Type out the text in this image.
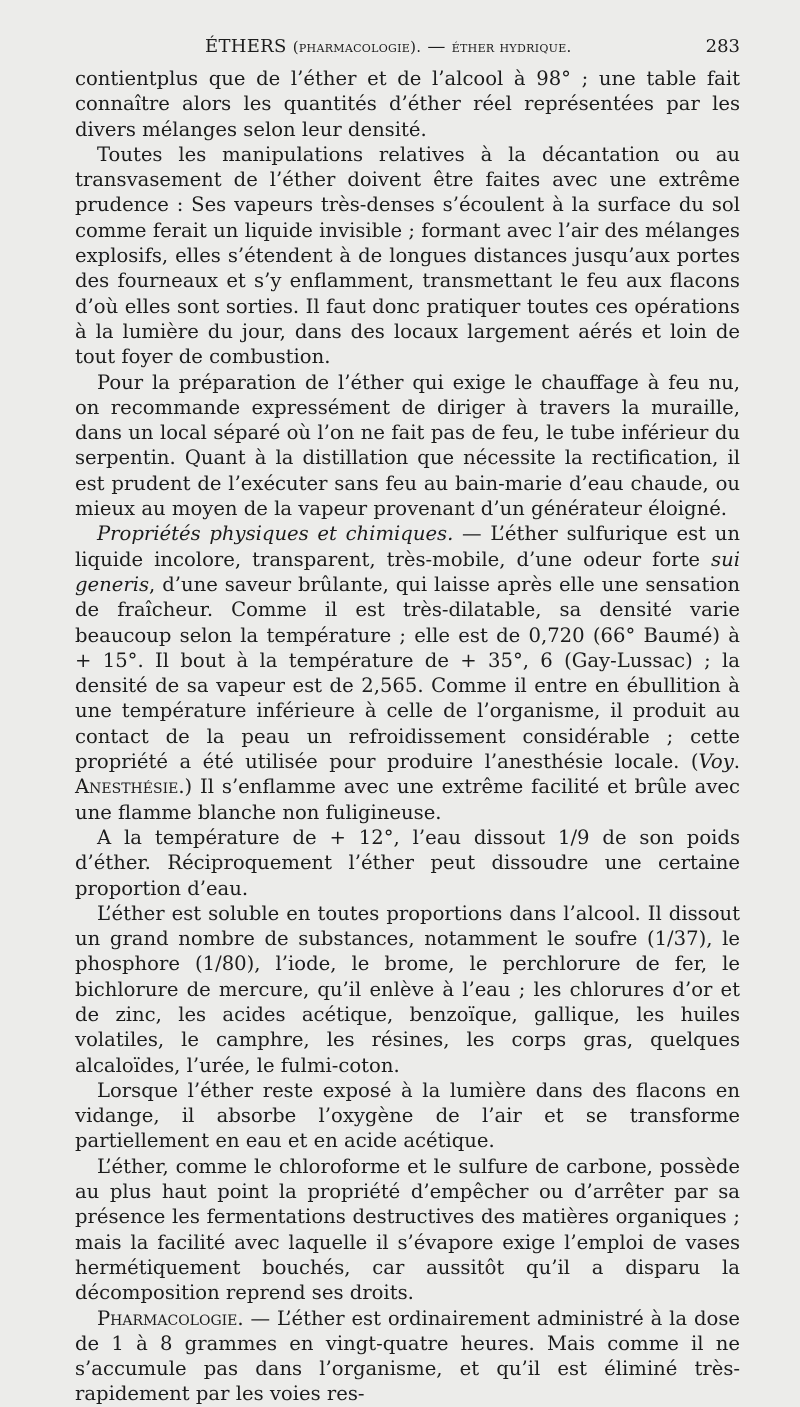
ÉTHERS (pharmacologie). — éther hydrique.	283

contientplus que de l’éther et de l’alcool à 98° ; une table fait connaître alors les quantités d’éther réel représentées par les divers mélanges selon leur densité.

Toutes les manipulations relatives à la décantation ou au transvasement de l’éther doivent être faites avec une extrême prudence : Ses vapeurs très-denses s’écoulent à la surface du sol comme ferait un liquide invisible ; formant avec l’air des mélanges explosifs, elles s’étendent à de longues distances jusqu’aux portes des fourneaux et s’y enflamment, transmettant le feu aux flacons d’où elles sont sorties. Il faut donc pratiquer toutes ces opérations à la lumière du jour, dans des locaux largement aérés et loin de tout foyer de combustion.

Pour la préparation de l’éther qui exige le chauffage à feu nu, on recommande expressément de diriger à travers la muraille, dans un local séparé où l’on ne fait pas de feu, le tube inférieur du serpentin. Quant à la distillation que nécessite la rectification, il est prudent de l’exécuter sans feu au bain-marie d’eau chaude, ou mieux au moyen de la vapeur provenant d’un générateur éloigné.

Propriétés physiques et chimiques. — L’éther sulfurique est un liquide incolore, transparent, très-mobile, d’une odeur forte sui generis, d’une saveur brûlante, qui laisse après elle une sensation de fraîcheur. Comme il est très-dilatable, sa densité varie beaucoup selon la température ; elle est de 0,720 (66° Baumé) à + 15°. Il bout à la température de + 35°, 6 (Gay-Lussac) ; la densité de sa vapeur est de 2,565. Comme il entre en ébullition à une température inférieure à celle de l’organisme, il produit au contact de la peau un refroidissement considérable ; cette propriété a été utilisée pour produire l’anesthésie locale. (Voy. Anesthésie.) Il s’enflamme avec une extrême facilité et brûle avec une flamme blanche non fuligineuse.

A la température de + 12°, l’eau dissout 1/9 de son poids d’éther. Réciproquement l’éther peut dissoudre une certaine proportion d’eau.

L’éther est soluble en toutes proportions dans l’alcool. Il dissout un grand nombre de substances, notamment le soufre (1/37), le phosphore (1/80), l’iode, le brome, le perchlorure de fer, le bichlorure de mercure, qu’il enlève à l’eau ; les chlorures d’or et de zinc, les acides acétique, benzoïque, gallique, les huiles volatiles, le camphre, les résines, les corps gras, quelques alcaloïdes, l’urée, le fulmi-coton.

Lorsque l’éther reste exposé à la lumière dans des flacons en vidange, il absorbe l’oxygène de l’air et se transforme partiellement en eau et en acide acétique.

L’éther, comme le chloroforme et le sulfure de carbone, possède au plus haut point la propriété d’empêcher ou d’arrêter par sa présence les fermentations destructives des matières organiques ; mais la facilité avec laquelle il s’évapore exige l’emploi de vases hermétiquement bouchés, car aussitôt qu’il a disparu la décomposition reprend ses droits.

Pharmacologie. — L’éther est ordinairement administré à la dose de 1 à 8 grammes en vingt-quatre heures. Mais comme il ne s’accumule pas dans l’organisme, et qu’il est éliminé très-rapidement par les voies res-
